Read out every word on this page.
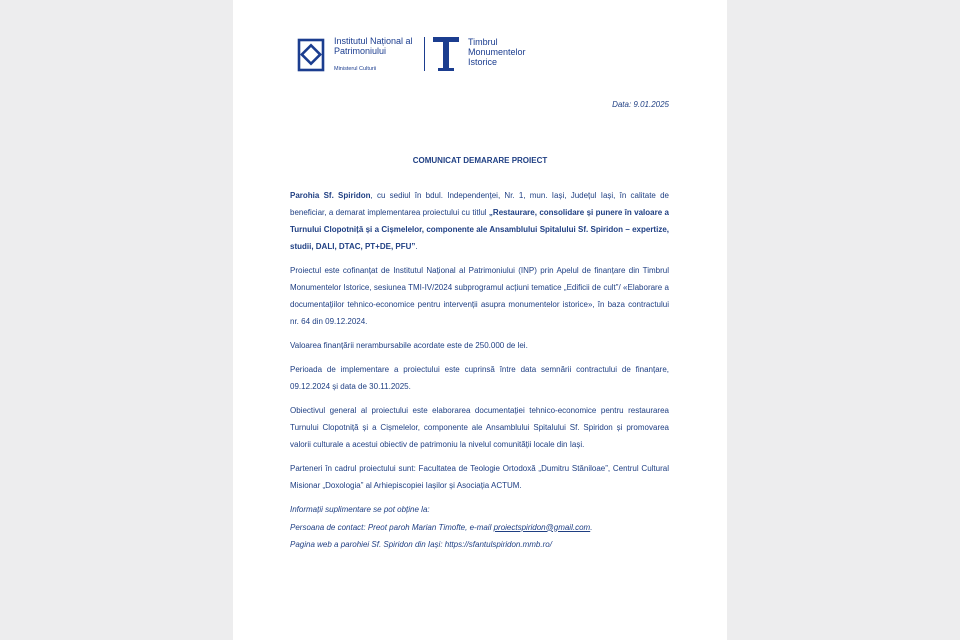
Institutul Național al
Patrimoniului
Ministerul Culturii
Timbrul
Monumentelor
Istorice
Data: 9.01.2025
COMUNICAT DEMARARE PROIECT

Parohia Sf. Spiridon, cu sediul în bdul. Independenței, Nr. 1, mun. Iași, Județul Iași, în calitate de beneficiar, a demarat implementarea proiectului cu titlul „Restaurare, consolidare și punere în valoare a Turnului Clopotniță și a Cișmelelor, componente ale Ansamblului Spitalului Sf. Spiridon – expertize, studii, DALI, DTAC, PT+DE, PFU”.

Proiectul este cofinanțat de Institutul Național al Patrimoniului (INP) prin Apelul de finanțare din Timbrul Monumentelor Istorice, sesiunea TMI-IV/2024 subprogramul acțiuni tematice „Edificii de cult”/ «Elaborare a documentațiilor tehnico-economice pentru intervenții asupra monumentelor istorice», în baza contractului nr. 64 din 09.12.2024.

Valoarea finanțării nerambursabile acordate este de 250.000 de lei.

Perioada de implementare a proiectului este cuprinsă între data semnării contractului de finanțare, 09.12.2024 și data de 30.11.2025.

Obiectivul general al proiectului este elaborarea documentației tehnico-economice pentru restaurarea Turnului Clopotniță și a Cișmelelor, componente ale Ansamblului Spitalului Sf. Spiridon și promovarea valorii culturale a acestui obiectiv de patrimoniu la nivelul comunității locale din Iași.

Parteneri în cadrul proiectului sunt: Facultatea de Teologie Ortodoxă „Dumitru Stăniloae”, Centrul Cultural Misionar „Doxologia” al Arhiepiscopiei Iașilor și Asociația ACTUM.

Informații suplimentare se pot obține la:
Persoana de contact: Preot paroh Marian Timofte, e-mail proiectspiridon@gmail.com.
Pagina web a parohiei Sf. Spiridon din Iași: https://sfantulspiridon.mmb.ro/
